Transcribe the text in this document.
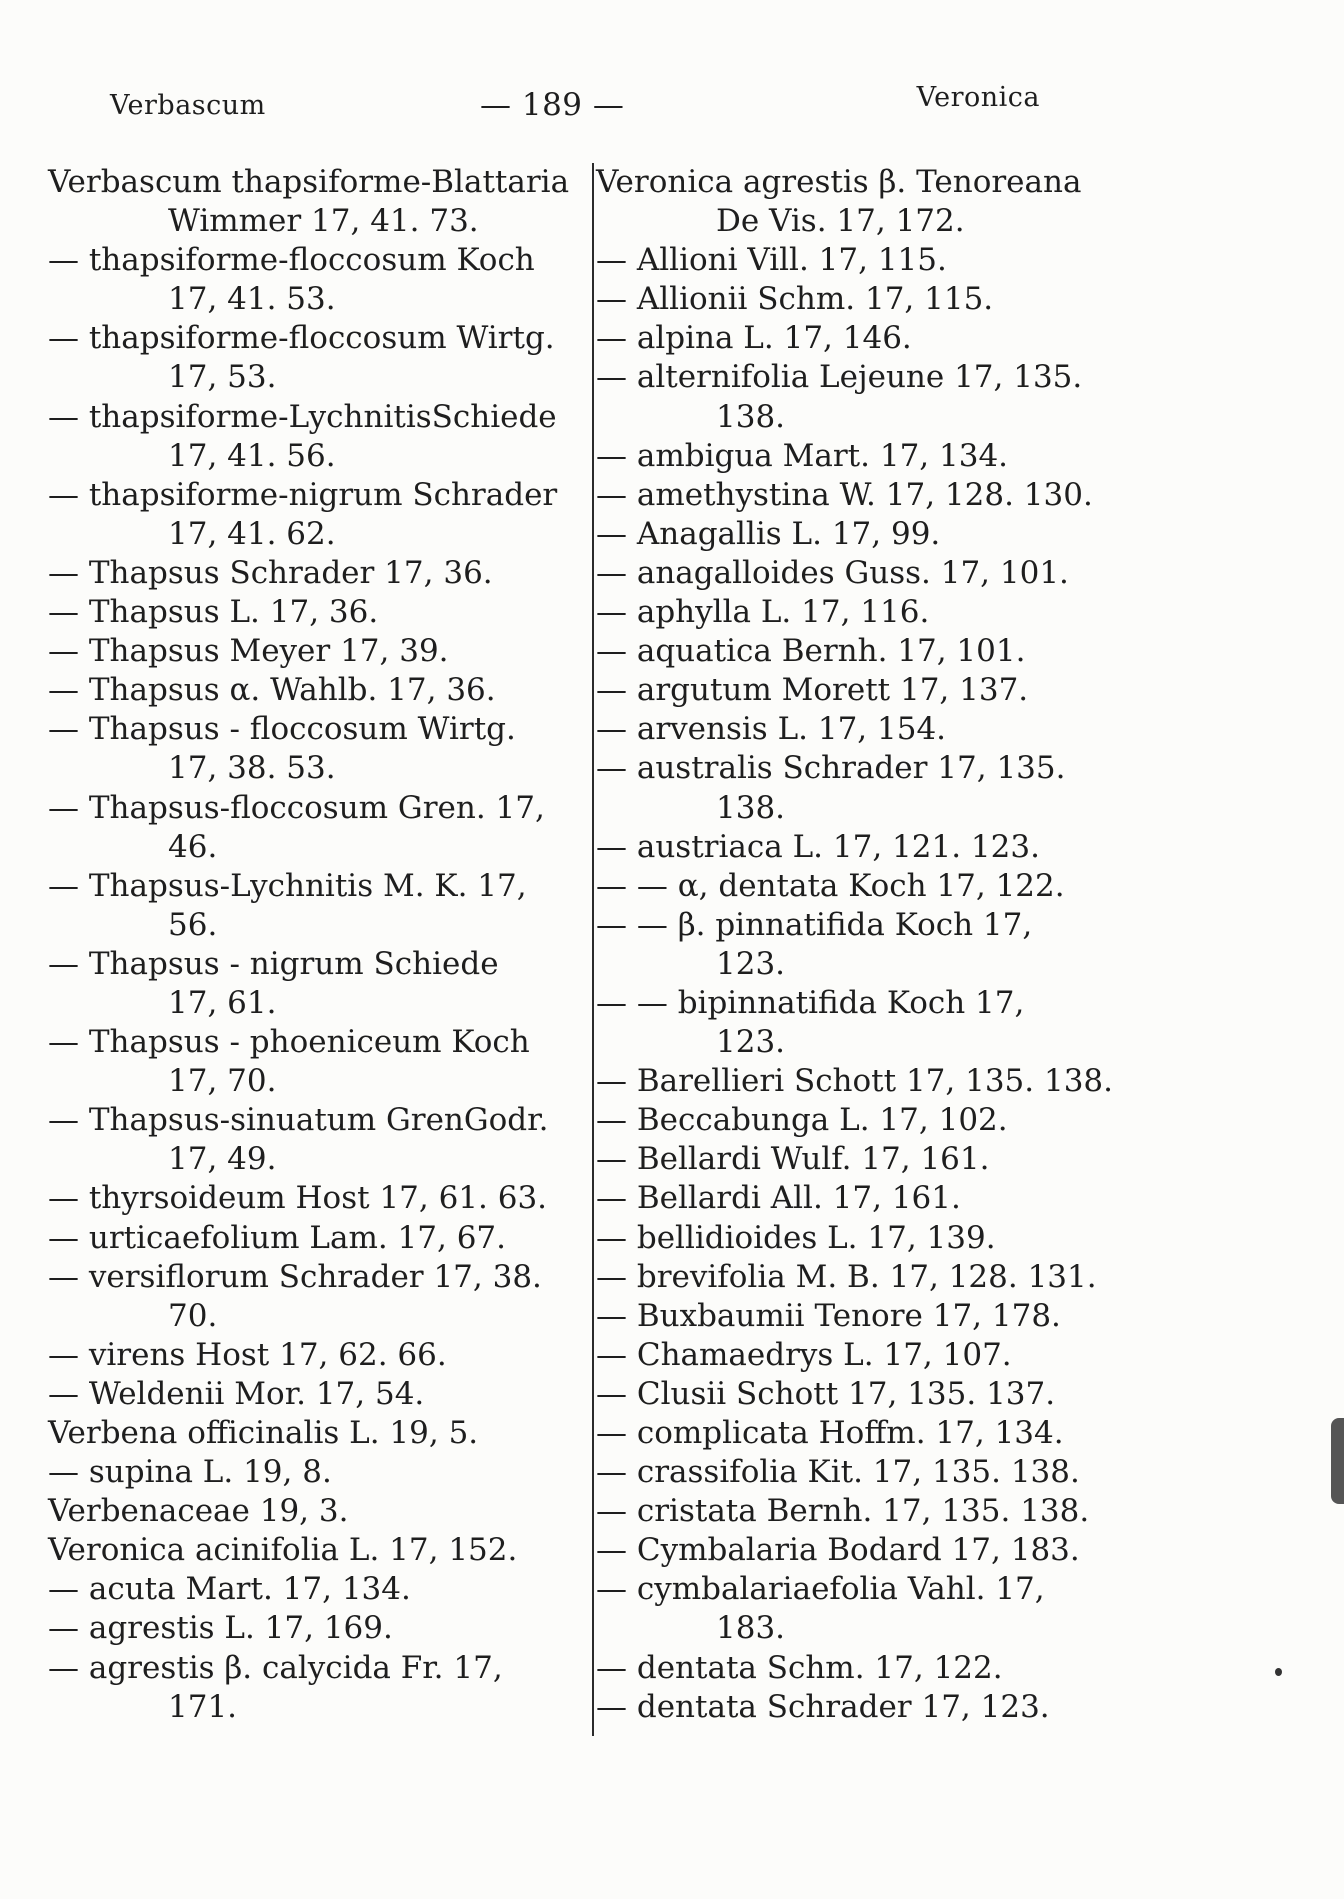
Verbascum	— 189 —	Veronica
Verbascum thapsiforme-Blattaria
Wimmer 17, 41. 73.
— thapsiforme-floccosum Koch
17, 41. 53.
— thapsiforme-floccosum Wirtg.
17, 53.
— thapsiforme-LychnitisSchiede
17, 41. 56.
— thapsiforme-nigrum Schrader
17, 41. 62.
— Thapsus Schrader 17, 36.
— Thapsus L. 17, 36.
— Thapsus Meyer 17, 39.
— Thapsus α. Wahlb. 17, 36.
— Thapsus - floccosum Wirtg.
17, 38. 53.
— Thapsus-floccosum Gren. 17,
46.
— Thapsus-Lychnitis M. K. 17,
56.
— Thapsus - nigrum Schiede
17, 61.
— Thapsus - phoeniceum Koch
17, 70.
— Thapsus-sinuatum GrenGodr.
17, 49.
— thyrsoideum Host 17, 61. 63.
— urticaefolium Lam. 17, 67.
— versiflorum Schrader 17, 38.
70.
— virens Host 17, 62. 66.
— Weldenii Mor. 17, 54.
Verbena officinalis L. 19, 5.
— supina L. 19, 8.
Verbenaceae 19, 3.
Veronica acinifolia L. 17, 152.
— acuta Mart. 17, 134.
— agrestis L. 17, 169.
— agrestis β. calycida Fr. 17,
171.
Veronica agrestis β. Tenoreana
De Vis. 17, 172.
— Allioni Vill. 17, 115.
— Allionii Schm. 17, 115.
— alpina L. 17, 146.
— alternifolia Lejeune 17, 135.
138.
— ambigua Mart. 17, 134.
— amethystina W. 17, 128. 130.
— Anagallis L. 17, 99.
— anagalloides Guss. 17, 101.
— aphylla L. 17, 116.
— aquatica Bernh. 17, 101.
— argutum Morett 17, 137.
— arvensis L. 17, 154.
— australis Schrader 17, 135.
138.
— austriaca L. 17, 121. 123.
— — α, dentata Koch 17, 122.
— — β. pinnatifida Koch 17,
123.
— — bipinnatifida Koch 17,
123.
— Barellieri Schott 17, 135. 138.
— Beccabunga L. 17, 102.
— Bellardi Wulf. 17, 161.
— Bellardi All. 17, 161.
— bellidioides L. 17, 139.
— brevifolia M. B. 17, 128. 131.
— Buxbaumii Tenore 17, 178.
— Chamaedrys L. 17, 107.
— Clusii Schott 17, 135. 137.
— complicata Hoffm. 17, 134.
— crassifolia Kit. 17, 135. 138.
— cristata Bernh. 17, 135. 138.
— Cymbalaria Bodard 17, 183.
— cymbalariaefolia Vahl. 17,
183.
— dentata Schm. 17, 122.
— dentata Schrader 17, 123.
